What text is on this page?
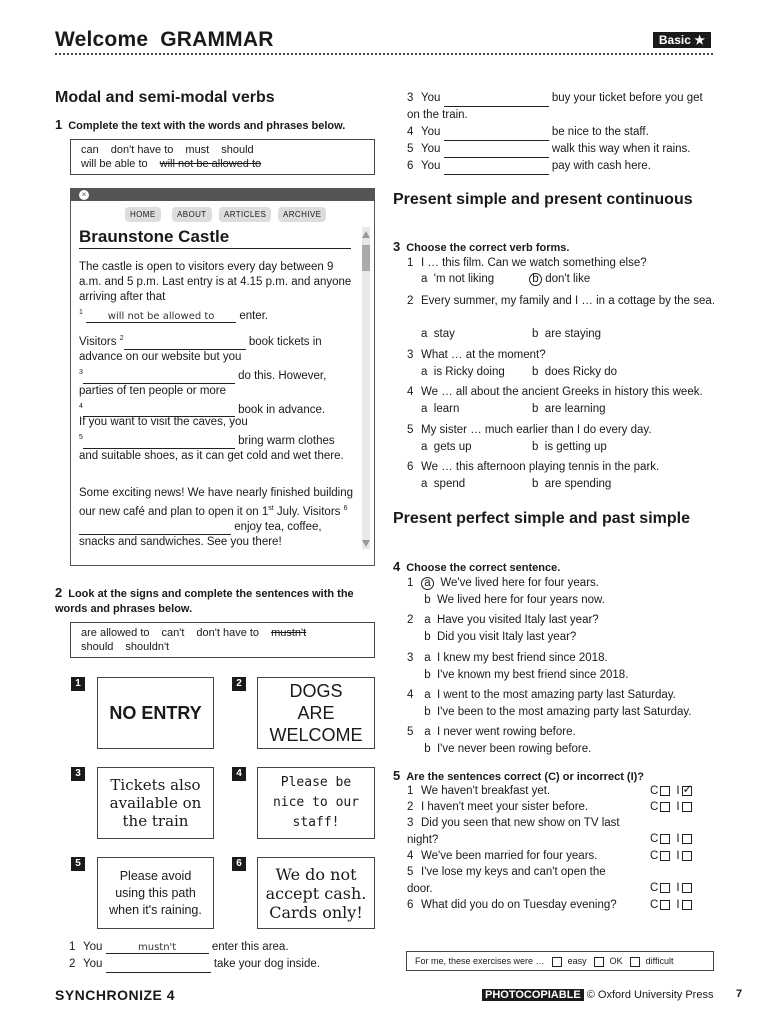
Welcome GRAMMAR	Basic ★
Modal and semi-modal verbs
1 Complete the text with the words and phrases below.
can don't have to must should
will be able to will not be allowed to
×
HOME	ABOUT	ARTICLES	ARCHIVE
Braunstone Castle
The castle is open to visitors every day between 9 a.m. and 5 p.m. Last entry is at 4.15 p.m. and anyone arriving after that
$^1$ will not be allowed to enter.
Visitors $^2$	book tickets in advance on our website but you
$^3$	do this. However, parties of ten people or more
$^4$	book in advance.
If you want to visit the caves, you
$^5$	bring warm clothes and suitable shoes, as it can get cold and wet there.
Some exciting news! We have nearly finished building our new café and plan to open it on 1st July. Visitors $^6$ enjoy tea, coffee, snacks and sandwiches. See you there!
2 Look at the signs and complete the sentences with the words and phrases below.
are allowed to can't don't have to mustn't
should shouldn't
1
NO ENTRY
2	DOGS ARE WELCOME
3
Tickets also available on the train
4
Please be nice to our staff!
5
Please avoid using this path when it's raining.
6
We do not accept cash. Cards only!
1 You	mustn't	enter this area.
2 You	take your dog inside.
3 You	buy your ticket before you get on the train.
4 You	be nice to the staff.
5 You	walk this way when it rains.
6 You	pay with cash here.
Present simple and present continuous
3 Choose the correct verb forms.
1 I … this film. Can we watch something else?
a  'm not liking	b don't like
2 Every summer, my family and I … in a cottage by the sea.
a  stay	b  are staying
3 What … at the moment?
a  is Ricky doing b  does Ricky do
4 We … all about the ancient Greeks in history this week.
a  learn	b  are learning
5 My sister … much earlier than I do every day.
a  gets up	b  is getting up
6 We … this afternoon playing tennis in the park.
a  spend	b  are spending
Present perfect simple and past simple
4 Choose the correct sentence.
1 a We've lived here for four years.
b  We lived here for four years now.
2 a  Have you visited Italy last year?
b  Did you visit Italy last year?
3 a  I knew my best friend since 2018.
b  I've known my best friend since 2018.
4 a  I went to the most amazing party last Saturday.
b  I've been to the most amazing party last Saturday.
5 a  I never went rowing before.
b  I've never been rowing before.
5 Are the sentences correct (C) or incorrect (I)?
1 We haven't breakfast yet.	C I✓
2 I haven't meet your sister before.	C I
3 Did you seen that new show on TV last night?	C I
4 We've been married for four years.	C I
5 I've lose my keys and can't open the door.	C I
6 What did you do on Tuesday evening?	C I
For me, these exercises were …	easy	OK	difficult
SYNCHRONIZE 4	PHOTOCOPIABLE © Oxford University Press 7
